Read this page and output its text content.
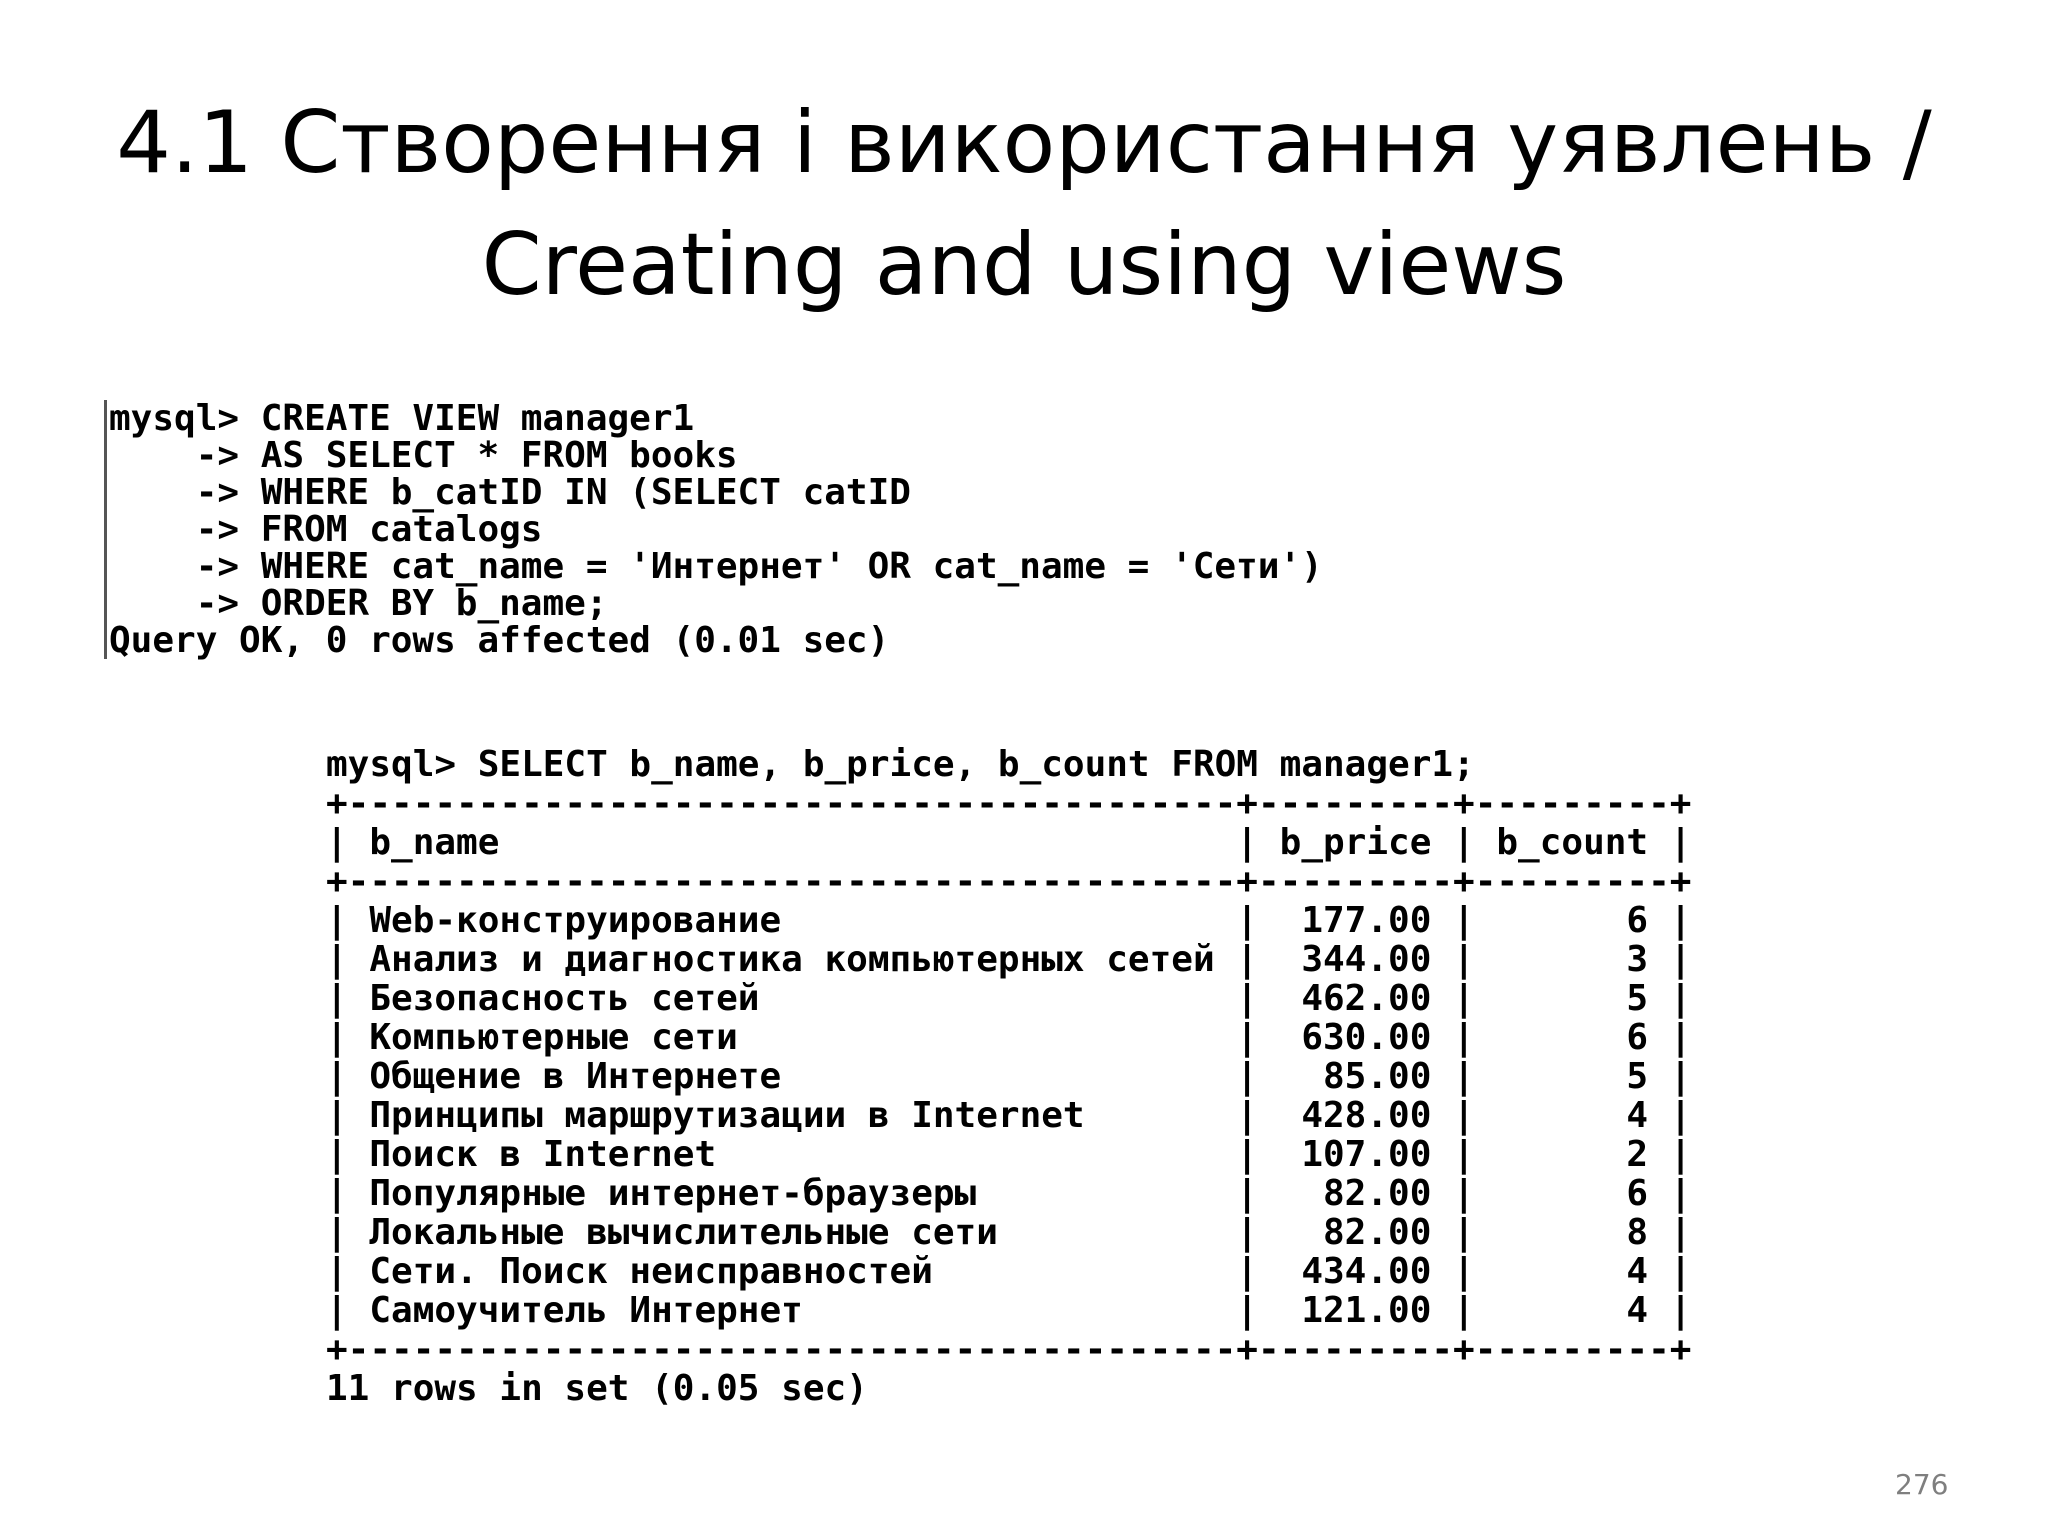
4.1 Створення і використання уявлень /
Creating and using views
mysql> CREATE VIEW manager1
-> AS SELECT * FROM books
-> WHERE b_catID IN (SELECT catID
-> FROM catalogs
-> WHERE cat_name = 'Интернет' OR cat_name = 'Сети')
-> ORDER BY b_name;
Query OK, 0 rows affected (0.01 sec)
mysql> SELECT b_name, b_price, b_count FROM manager1;
+-----------------------------------------+---------+---------+
| b_name                                  | b_price | b_count |
+-----------------------------------------+---------+---------+
| Web-конструирование                     |  177.00 |       6 |
| Анализ и диагностика компьютерных сетей |  344.00 |       3 |
| Безопасность сетей                      |  462.00 |       5 |
| Компьютерные сети                       |  630.00 |       6 |
| Общение в Интернете                     |   85.00 |       5 |
| Принципы маршрутизации в Internet       |  428.00 |       4 |
| Поиск в Internet                        |  107.00 |       2 |
| Популярные интернет-браузеры            |   82.00 |       6 |
| Локальные вычислительные сети           |   82.00 |       8 |
| Сети. Поиск неисправностей              |  434.00 |       4 |
| Самоучитель Интернет                    |  121.00 |       4 |
+-----------------------------------------+---------+---------+
11 rows in set (0.05 sec)
276
